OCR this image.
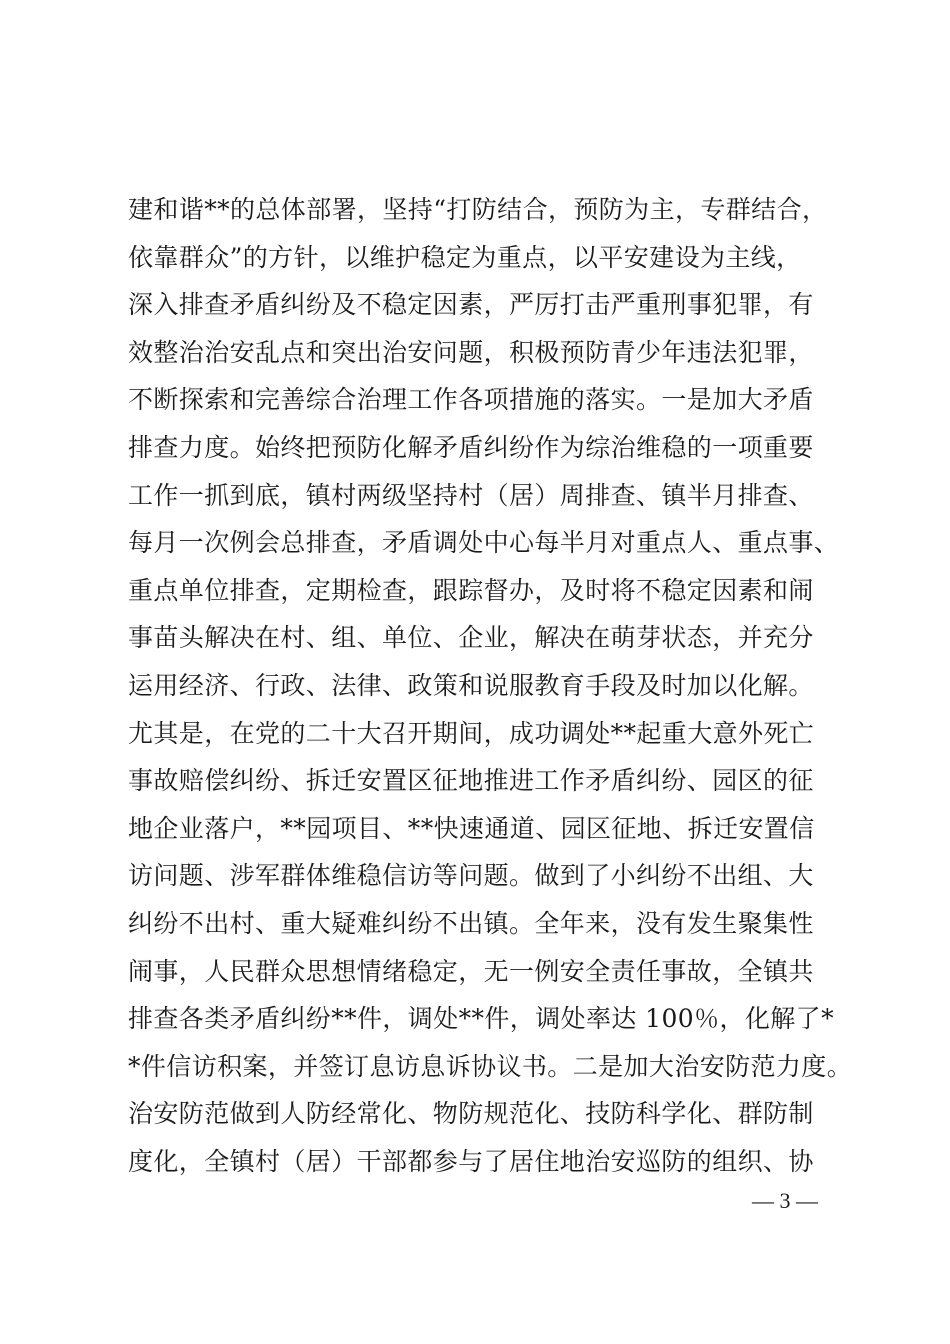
建和谐**的总体部署，坚持“打防结合，预防为主，专群结合，
依靠群众”的方针，以维护稳定为重点，以平安建设为主线，
深入排查矛盾纠纷及不稳定因素，严厉打击严重刑事犯罪，有
效整治治安乱点和突出治安问题，积极预防青少年违法犯罪，
不断探索和完善综合治理工作各项措施的落实。一是加大矛盾
排查力度。始终把预防化解矛盾纠纷作为综治维稳的一项重要
工作一抓到底，镇村两级坚持村（居）周排查、镇半月排查、
每月一次例会总排查，矛盾调处中心每半月对重点人、重点事、
重点单位排查，定期检查，跟踪督办，及时将不稳定因素和闹
事苗头解决在村、组、单位、企业，解决在萌芽状态，并充分
运用经济、行政、法律、政策和说服教育手段及时加以化解。
尤其是，在党的二十大召开期间，成功调处**起重大意外死亡
事故赔偿纠纷、拆迁安置区征地推进工作矛盾纠纷、园区的征
地企业落户，**园项目、**快速通道、园区征地、拆迁安置信
访问题、涉军群体维稳信访等问题。做到了小纠纷不出组、大
纠纷不出村、重大疑难纠纷不出镇。全年来，没有发生聚集性
闹事，人民群众思想情绪稳定，无一例安全责任事故，全镇共
排查各类矛盾纠纷**件，调处**件，调处率达 100％，化解了*
*件信访积案，并签订息访息诉协议书。二是加大治安防范力度。
治安防范做到人防经常化、物防规范化、技防科学化、群防制
度化，全镇村（居）干部都参与了居住地治安巡防的组织、协
— 3 —
